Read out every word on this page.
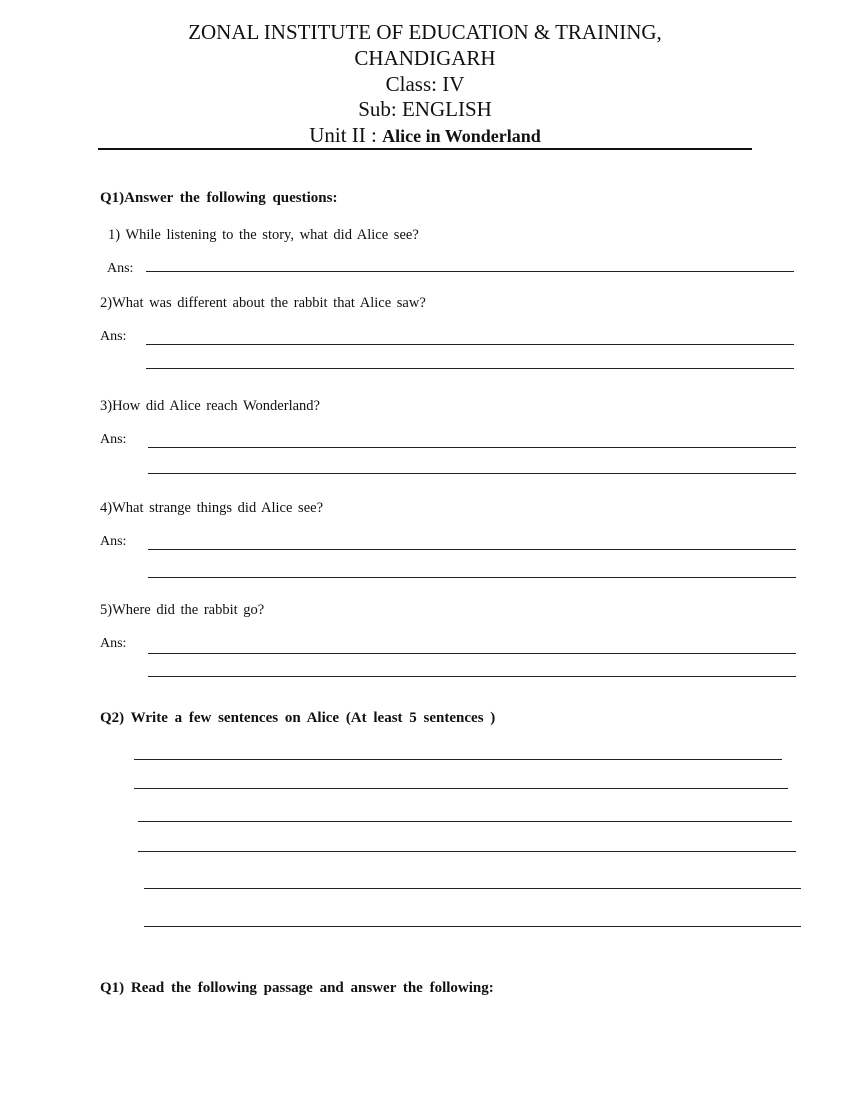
ZONAL INSTITUTE OF EDUCATION & TRAINING,
CHANDIGARH
Class: IV
Sub: ENGLISH
Unit II : Alice in Wonderland
Q1)Answer the following questions:
1) While listening to the story, what did Alice see?
Ans:
2)What was different about the rabbit that Alice saw?
Ans:
3)How did Alice reach Wonderland?
Ans:
4)What strange things did Alice see?
Ans:
5)Where did the rabbit go?
Ans:
Q2) Write a few sentences on Alice (At least 5 sentences )
Q1) Read the following passage and answer the following:
